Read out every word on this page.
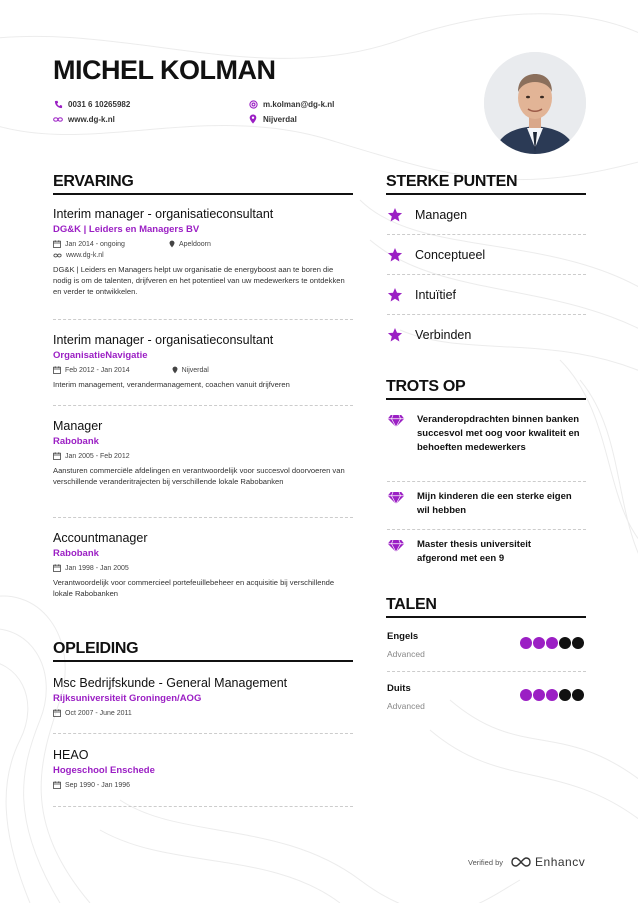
MICHEL KOLMAN
0031 6 10265982	m.kolman@dg-k.nl
www.dg-k.nl	Nijverdal
ERVARING
Interim manager - organisatieconsultant
DG&K | Leiders en Managers BV
Jan 2014 - ongoing	Apeldoorn
www.dg-k.nl
DG&K | Leiders en Managers helpt uw organisatie de energyboost aan te boren die nodig is om de talenten, drijfveren en het potentieel van uw medewerkers te ontdekken en verder te ontwikkelen.
Interim manager - organisatieconsultant
OrganisatieNavigatie
Feb 2012 - Jan 2014	Nijverdal
Interim management, verandermanagement, coachen vanuit drijfveren
Manager
Rabobank
Jan 2005 - Feb 2012
Aansturen commerciële afdelingen en verantwoordelijk voor succesvol doorvoeren van verschillende veranderitrajecten bij verschillende lokale Rabobanken
Accountmanager
Rabobank
Jan 1998 - Jan 2005
Verantwoordelijk voor commercieel portefeuillebeheer en acquisitie bij verschillende lokale Rabobanken
OPLEIDING
Msc Bedrijfskunde - General Management
Rijksuniversiteit Groningen/AOG
Oct 2007 - June 2011
HEAO
Hogeschool Enschede
Sep 1990 - Jan 1996
STERKE PUNTEN
Managen
Conceptueel
Intuïtief
Verbinden
TROTS OP
Veranderopdrachten binnen banken succesvol met oog voor kwaliteit en behoeften medewerkers
Mijn kinderen die een sterke eigen wil hebben
Master thesis universiteit afgerond met een 9
TALEN
Engels
Advanced
Duits
Advanced
Verified by	Enhancv
